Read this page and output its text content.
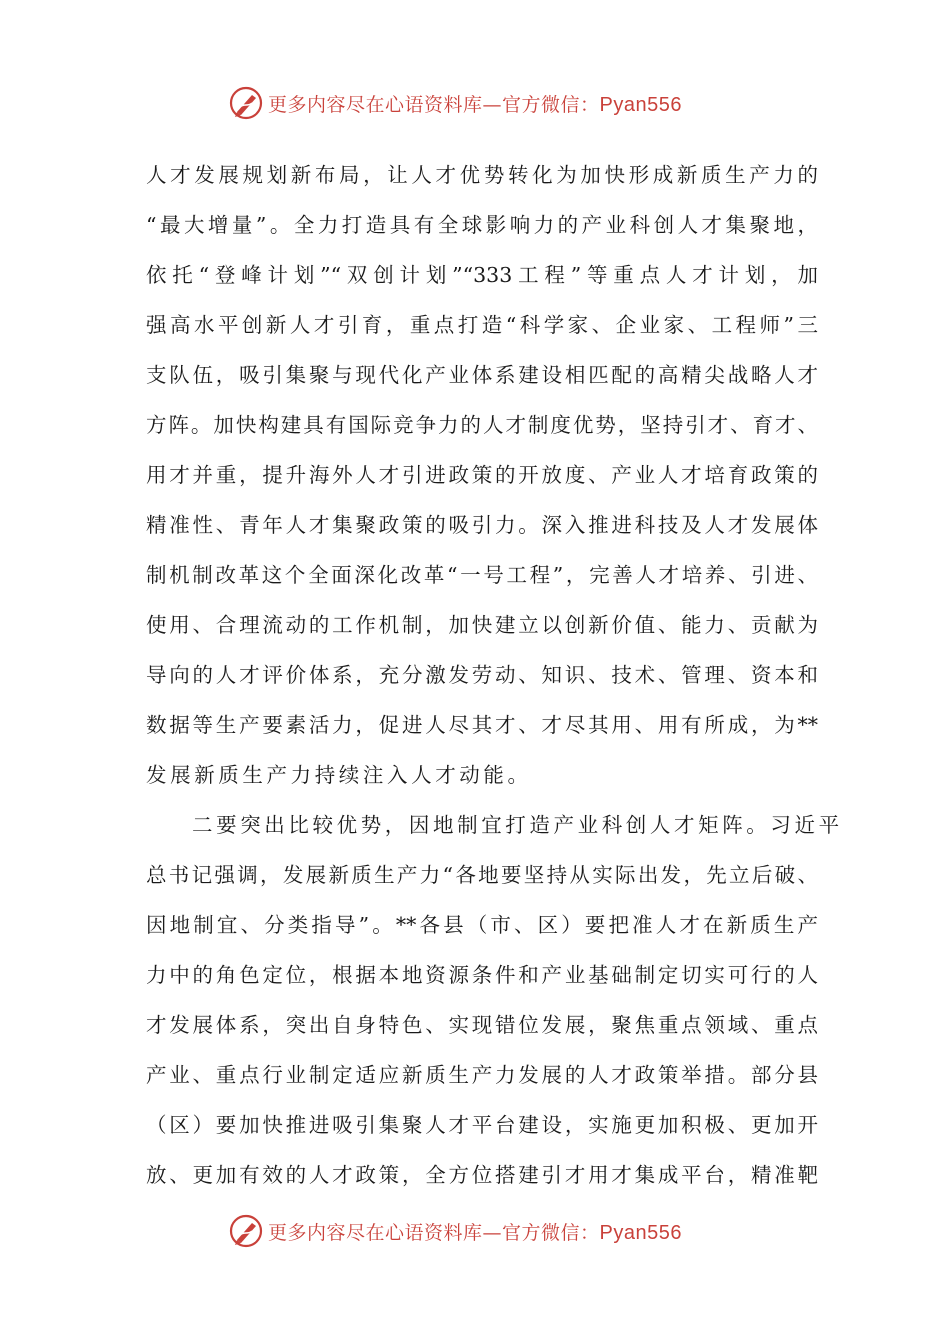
更多内容尽在心语资料库—官方微信：Pyan556
人才发展规划新布局，让人才优势转化为加快形成新质生产力的
“最大增量”。全力打造具有全球影响力的产业科创人才集聚地，
依托“登峰计划”“双创计划”“333工程”等重点人才计划，加
强高水平创新人才引育，重点打造“科学家、企业家、工程师”三
支队伍，吸引集聚与现代化产业体系建设相匹配的高精尖战略人才
方阵。加快构建具有国际竞争力的人才制度优势，坚持引才、育才、
用才并重，提升海外人才引进政策的开放度、产业人才培育政策的
精准性、青年人才集聚政策的吸引力。深入推进科技及人才发展体
制机制改革这个全面深化改革“一号工程”，完善人才培养、引进、
使用、合理流动的工作机制，加快建立以创新价值、能力、贡献为
导向的人才评价体系，充分激发劳动、知识、技术、管理、资本和
数据等生产要素活力，促进人尽其才、才尽其用、用有所成，为**
发展新质生产力持续注入人才动能。
二要突出比较优势，因地制宜打造产业科创人才矩阵。习近平
总书记强调，发展新质生产力“各地要坚持从实际出发，先立后破、
因地制宜、分类指导”。**各县（市、区）要把准人才在新质生产
力中的角色定位，根据本地资源条件和产业基础制定切实可行的人
才发展体系，突出自身特色、实现错位发展，聚焦重点领域、重点
产业、重点行业制定适应新质生产力发展的人才政策举措。部分县
（区）要加快推进吸引集聚人才平台建设，实施更加积极、更加开
放、更加有效的人才政策，全方位搭建引才用才集成平台，精准靶
更多内容尽在心语资料库—官方微信：Pyan556
